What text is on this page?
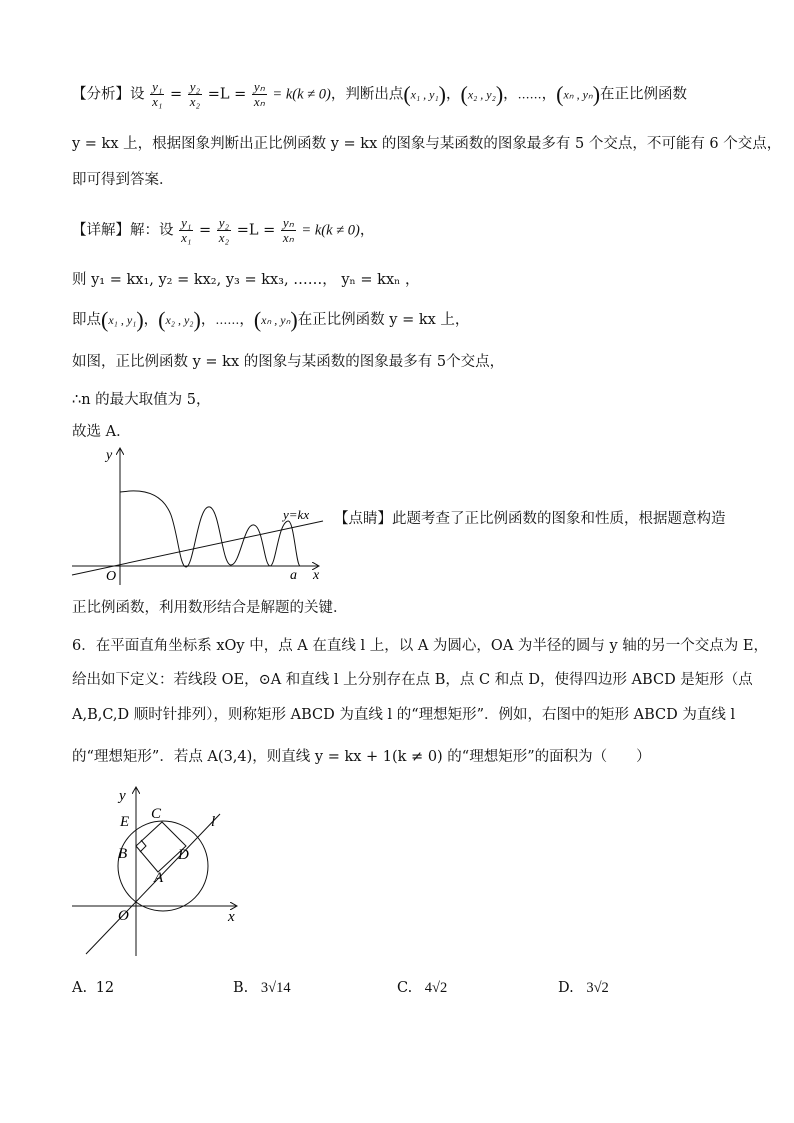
【分析】设 $\frac{\text{y₁}}{\text{x₁}} = \frac{\text{y₂}}{\text{x₂}} =L = \frac{\text{yₙ}}{\text{xₙ}} = k(k \ne 0)$，判断出点(x₁ , y₁)，(x₂ , y₂)，……，(xₙ , yₙ)在正比例函数
y = kx 上，根据图象判断出正比例函数 y = kx 的图象与某函数的图象最多有 5 个交点，不可能有 6 个交点，
即可得到答案．
【详解】解：设 $\frac{\text{y₁}}{\text{x₁}} = \frac{\text{y₂}}{\text{x₂}} =L = \frac{\text{yₙ}}{\text{xₙ}} = k(k \ne 0)$，
则 y₁ = kx₁, y₂ = kx₂, y₃ = kx₃, ……， yₙ = kxₙ ，
即点(x₁ , y₁)，(x₂ , y₂)，……，(xₙ , yₙ)在正比例函数 y = kx 上，
如图，正比例函数 y = kx 的图象与某函数的图象最多有 5个交点，
∴n 的最大取值为 5，
故选 A．
y
x
O	a
y=kx 【点睛】此题考查了正比例函数的图象和性质，根据题意构造
正比例函数，利用数形结合是解题的关键．
6．在平面直角坐标系 xOy 中，点 A 在直线 l 上，以 A 为圆心，OA 为半径的圆与 y 轴的另一个交点为 E，
给出如下定义：若线段 OE，⊙A 和直线 l 上分别存在点 B，点 C 和点 D，使得四边形 ABCD 是矩形（点
A,B,C,D 顺时针排列），则称矩形 ABCD 为直线 l 的“理想矩形”．例如，右图中的矩形 ABCD 为直线 l
的“理想矩形”．若点 A(3,4)，则直线 y = kx + 1(k ≠ 0) 的“理想矩形”的面积为（　　）
y
x
O
E C
B	D
A
l
A. 12	B. 3√14	C. 4√2	D. 3√2
